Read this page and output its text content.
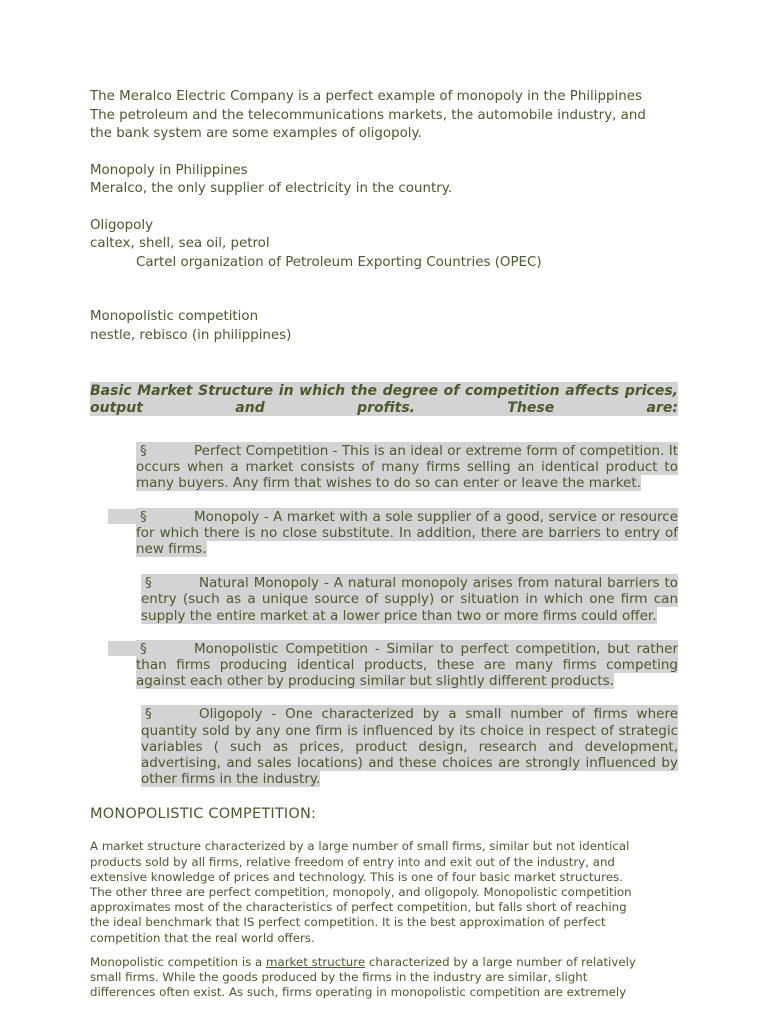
The Meralco Electric Company is a perfect example of monopoly in the Philippines

The petroleum and the telecommunications markets, the automobile industry, and

the bank system are some examples of oligopoly.

Monopoly in Philippines

Meralco, the only supplier of electricity in the country.

Oligopoly

caltex, shell, sea oil, petrol

Cartel organization of Petroleum Exporting Countries (OPEC)

Monopolistic competition

nestle, rebisco (in philippines)

Basic Market Structure in which the degree of competition affects prices, output and profits. These are:

§	Perfect Competition - This is an ideal or extreme form of competition. It occurs when a market consists of many firms selling an identical product to many buyers. Any firm that wishes to do so can enter or leave the market.

§	Monopoly - A market with a sole supplier of a good, service or resource for which there is no close substitute. In addition, there are barriers to entry of new firms.

§	Natural Monopoly - A natural monopoly arises from natural barriers to entry (such as a unique source of supply) or situation in which one firm can supply the entire market at a lower price than two or more firms could offer.

§	Monopolistic Competition - Similar to perfect competition, but rather than firms producing identical products, these are many firms competing against each other by producing similar but slightly different products.

§	Oligopoly - One characterized by a small number of firms where quantity sold by any one firm is influenced by its choice in respect of strategic variables ( such as prices, product design, research and development, advertising, and sales locations) and these choices are strongly influenced by other firms in the industry.

MONOPOLISTIC COMPETITION:

A market structure characterized by a large number of small firms, similar but not identical

products sold by all firms, relative freedom of entry into and exit out of the industry, and

extensive knowledge of prices and technology. This is one of four basic market structures.

The other three are perfect competition, monopoly, and oligopoly. Monopolistic competition

approximates most of the characteristics of perfect competition, but falls short of reaching

the ideal benchmark that IS perfect competition. It is the best approximation of perfect

competition that the real world offers.

Monopolistic competition is a market structure characterized by a large number of relatively

small firms. While the goods produced by the firms in the industry are similar, slight

differences often exist. As such, firms operating in monopolistic competition are extremely
